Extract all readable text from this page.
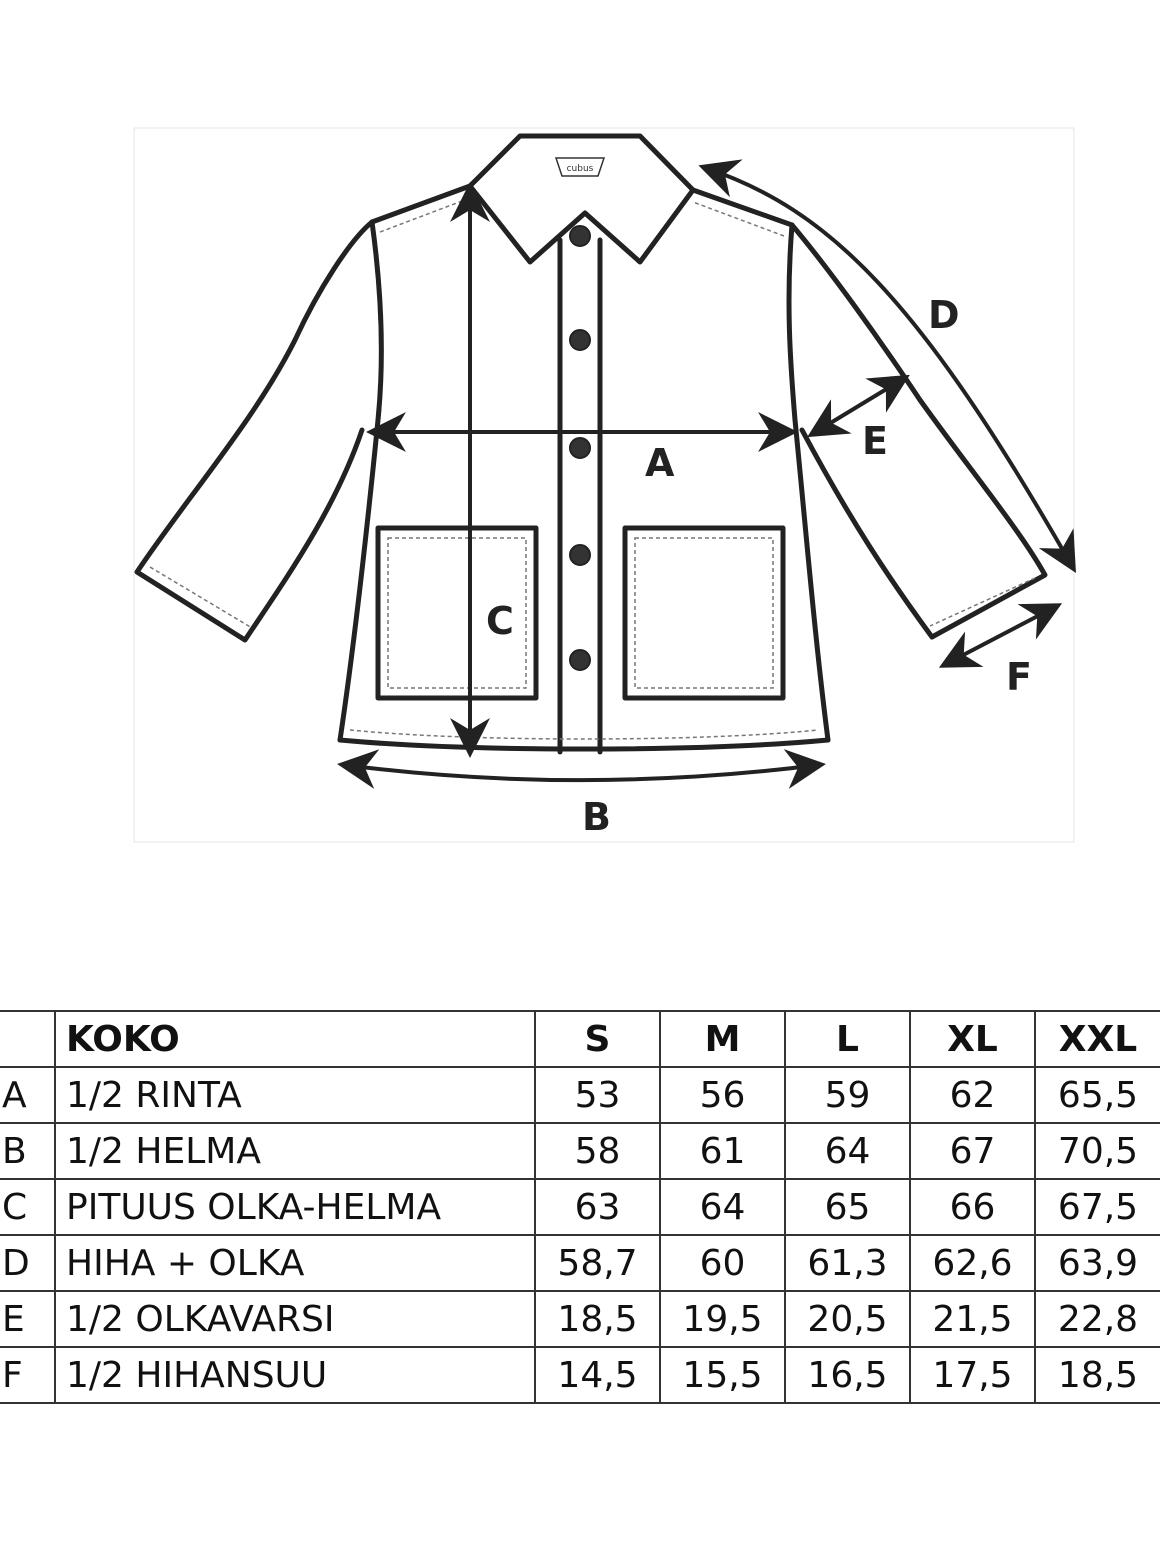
cubus
A
B
C
D
E
F
	KOKO	S	M	L	XL	XXL
A	1/2 RINTA	53	56	59	62	65,5
B	1/2 HELMA	58	61	64	67	70,5
C	PITUUS OLKA-HELMA	63	64	65	66	67,5
D	HIHA + OLKA	58,7	60	61,3	62,6	63,9
E	1/2 OLKAVARSI	18,5	19,5	20,5	21,5	22,8
F	1/2 HIHANSUU	14,5	15,5	16,5	17,5	18,5
